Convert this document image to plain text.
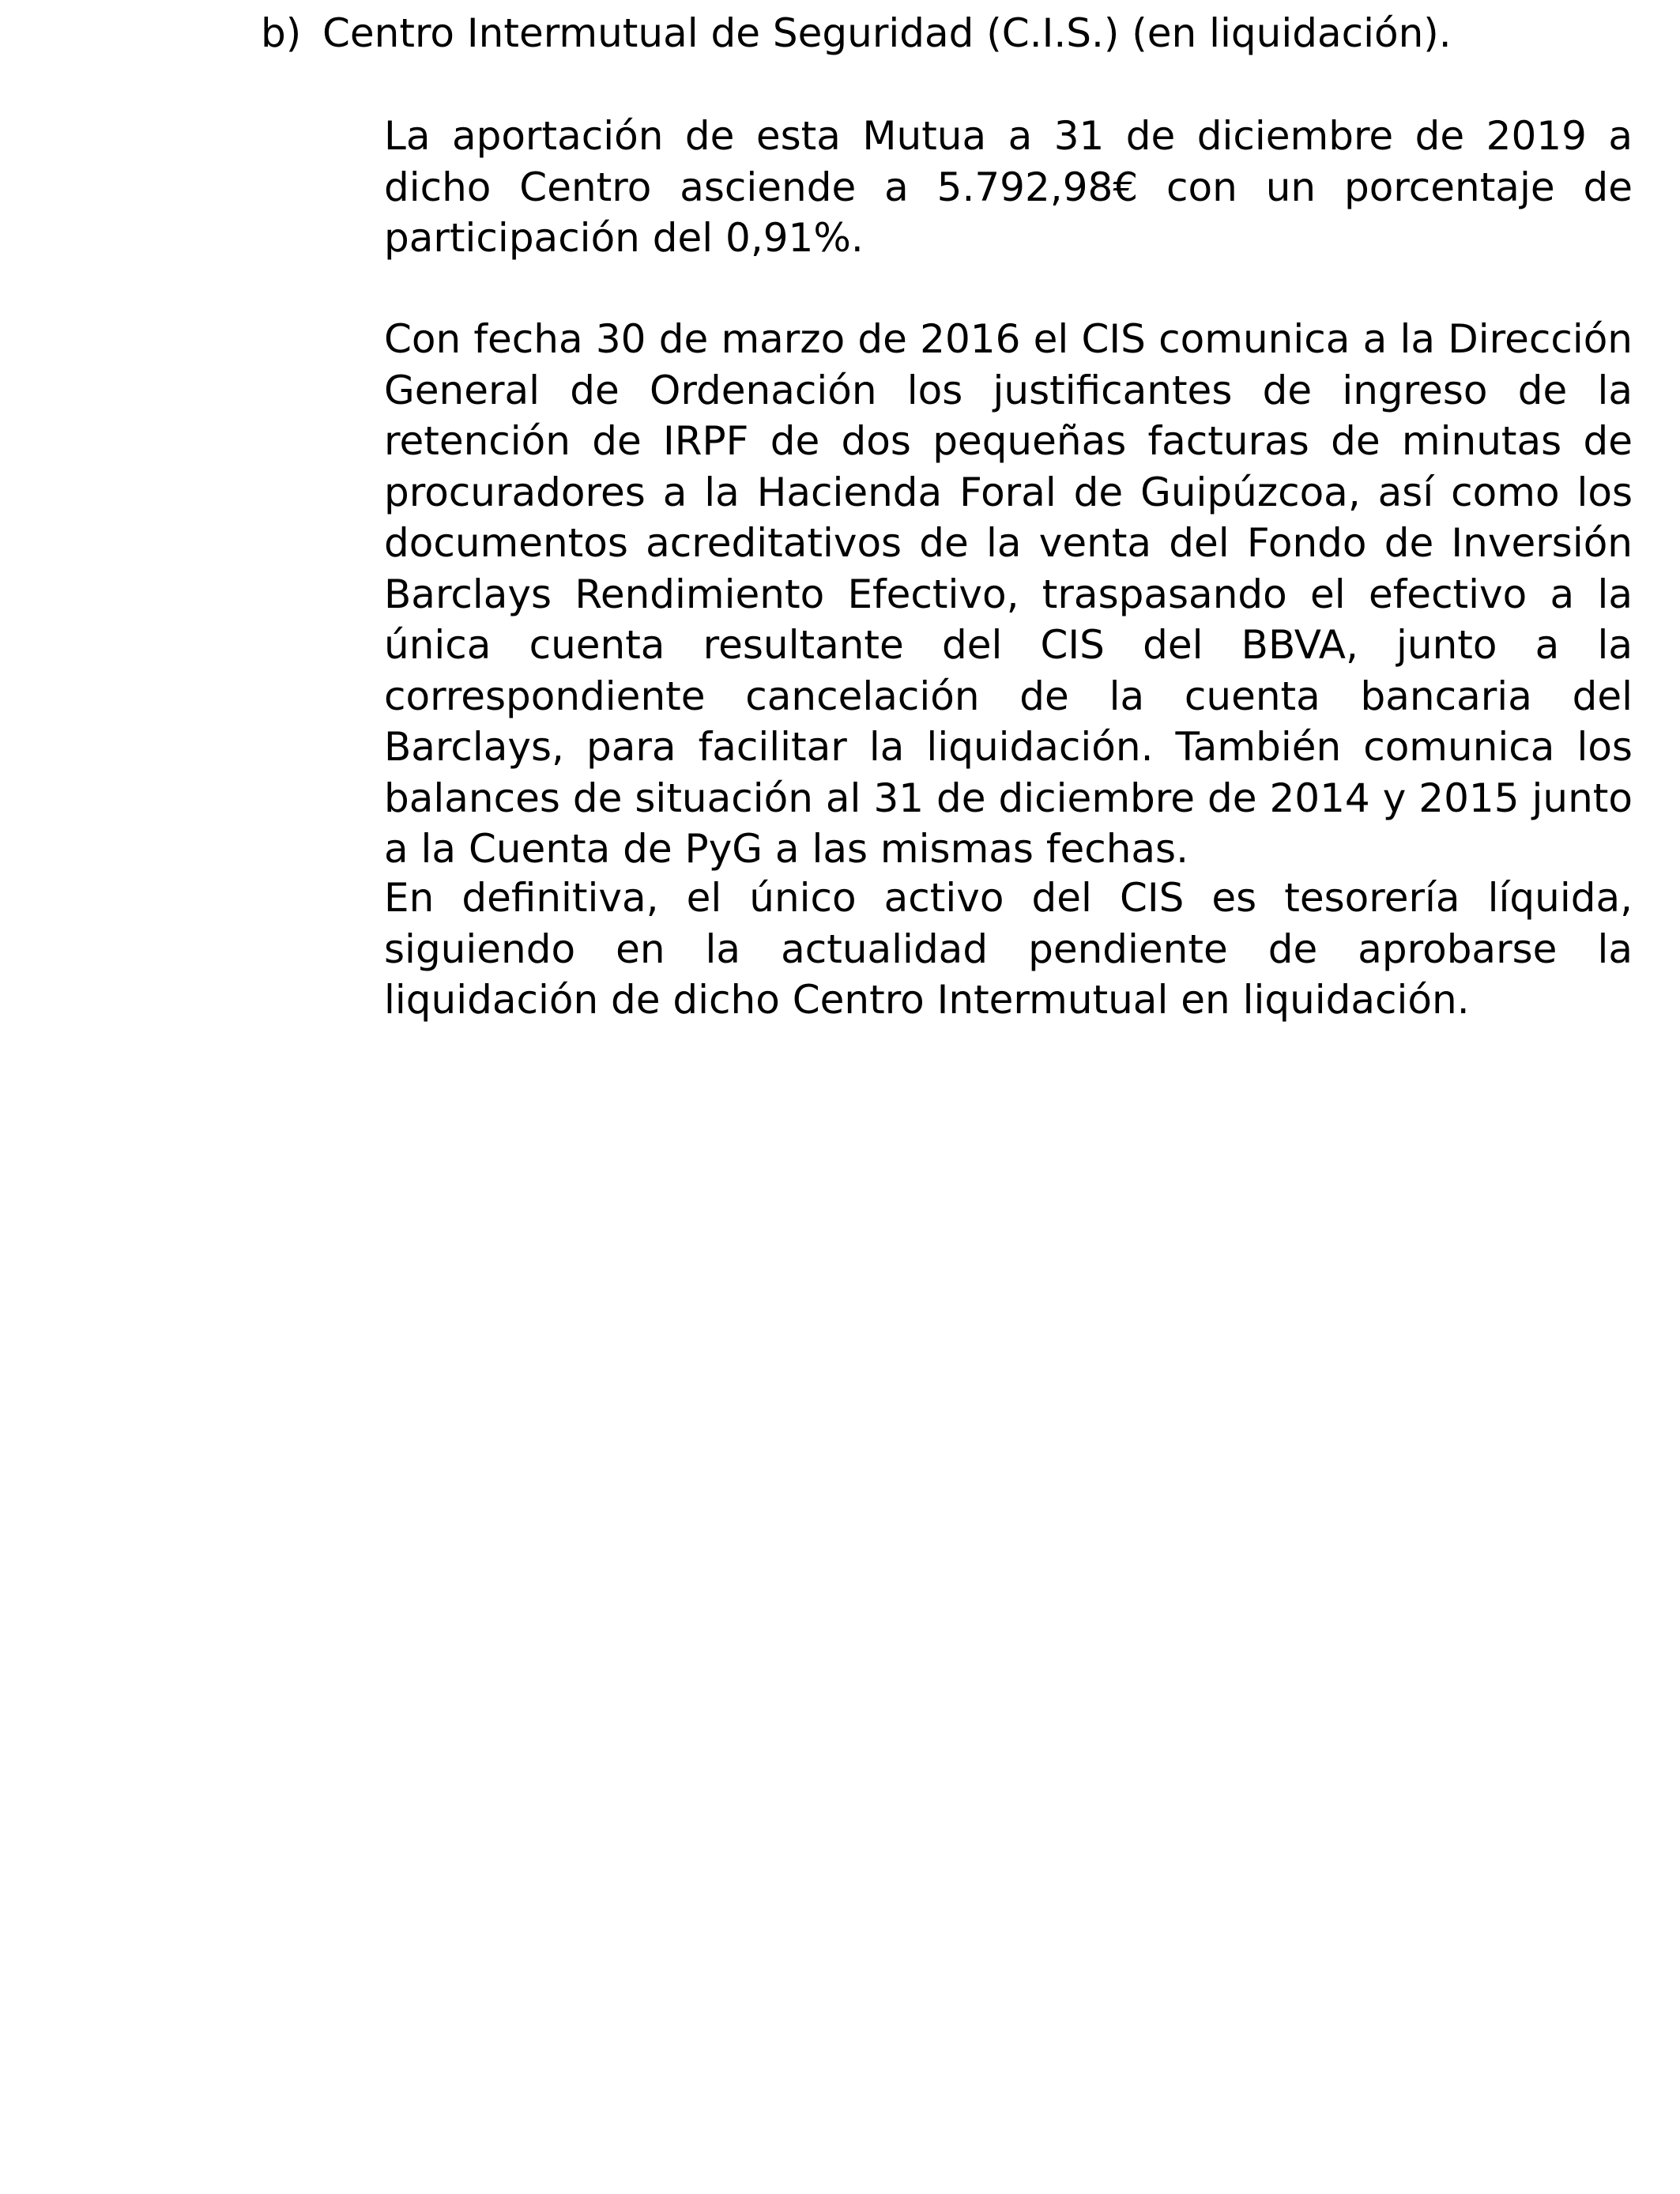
b) Centro Intermutual de Seguridad (C.I.S.) (en liquidación).

La aportación de esta Mutua a 31 de diciembre de 2019 a dicho Centro asciende a 5.792,98€ con un porcentaje de participación del 0,91%.

Con fecha 30 de marzo de 2016 el CIS comunica a la Dirección General de Ordenación los justificantes de ingreso de la retención de IRPF de dos pequeñas facturas de minutas de procuradores a la Hacienda Foral de Guipúzcoa, así como los documentos acreditativos de la venta del Fondo de Inversión Barclays Rendimiento Efectivo, traspasando el efectivo a la única cuenta resultante del CIS del BBVA, junto a la correspondiente cancelación de la cuenta bancaria del Barclays, para facilitar la liquidación. También comunica los balances de situación al 31 de diciembre de 2014 y 2015 junto a la Cuenta de PyG a las mismas fechas.

En definitiva, el único activo del CIS es tesorería líquida, siguiendo en la actualidad pendiente de aprobarse la liquidación de dicho Centro Intermutual en liquidación.
